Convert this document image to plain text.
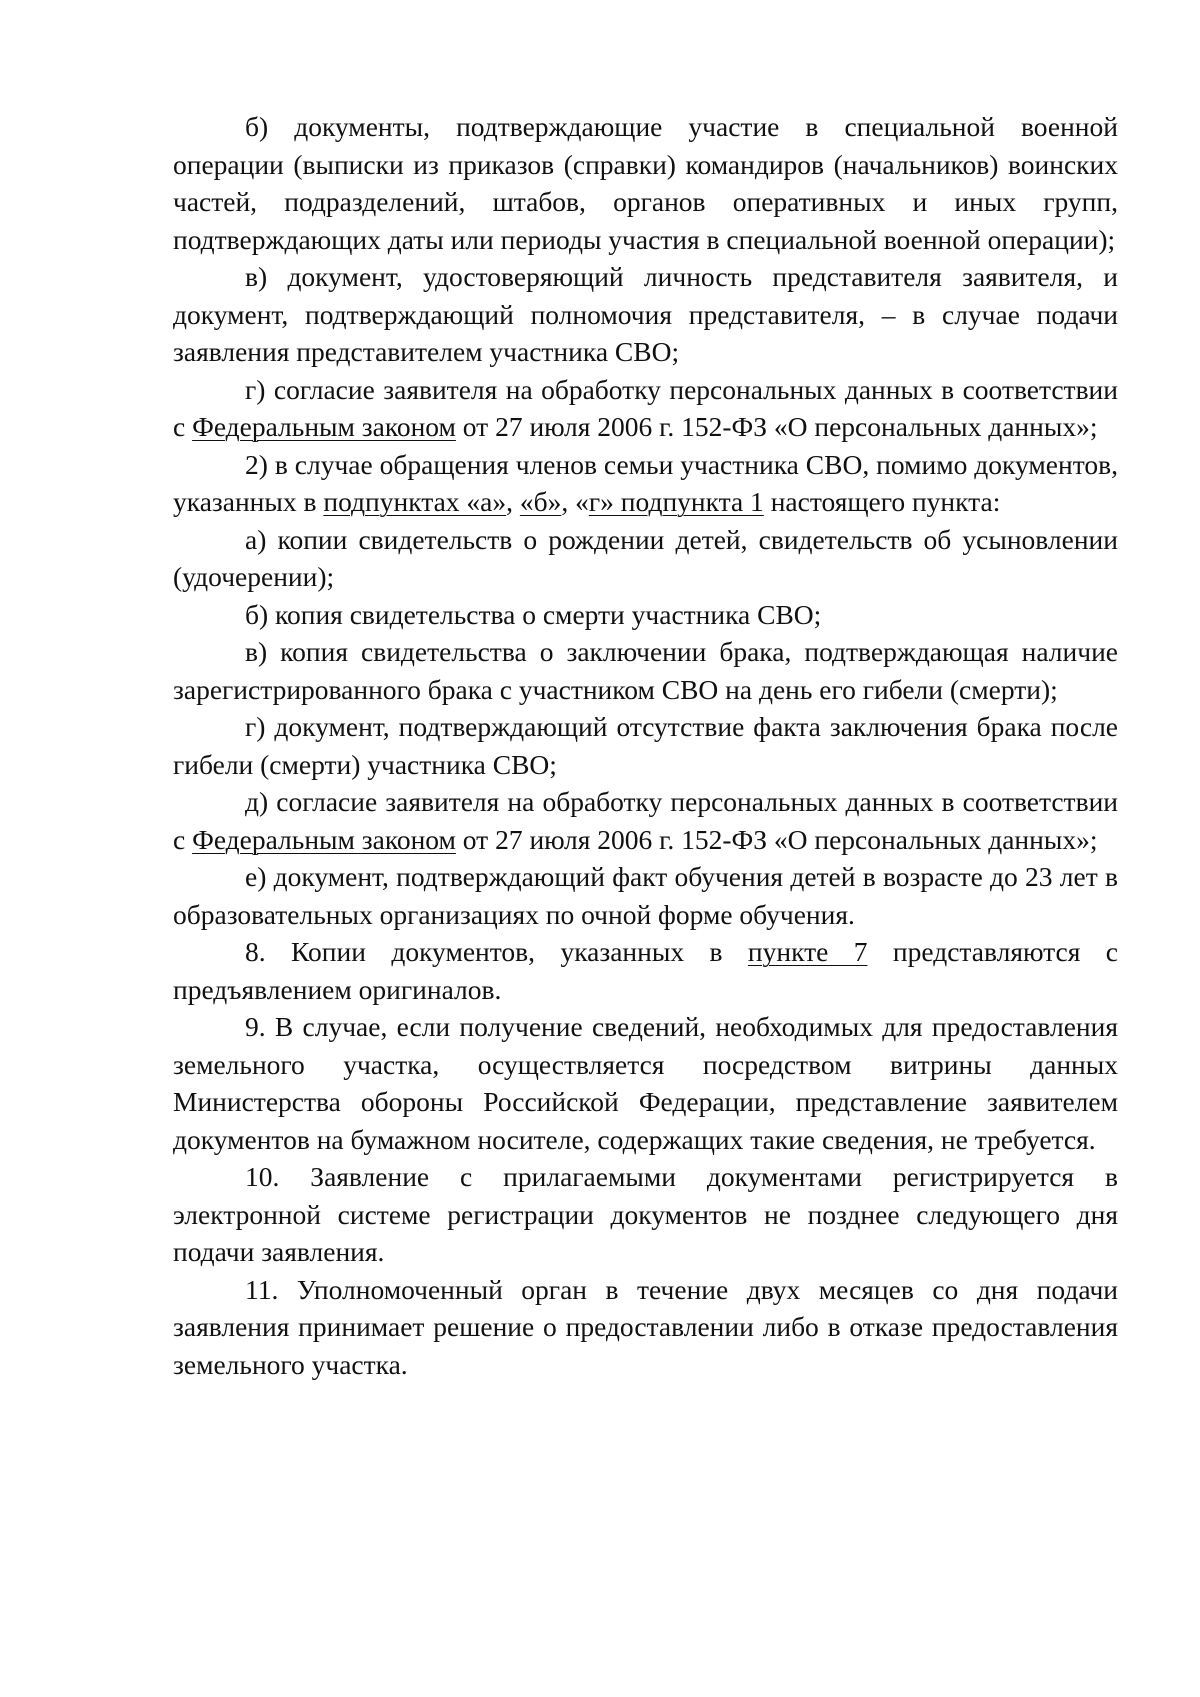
б) документы, подтверждающие участие в специальной военной операции (выписки из приказов (справки) командиров (начальников) воинских частей, подразделений, штабов, органов оперативных и иных групп, подтверждающих даты или периоды участия в специальной военной операции);

в) документ, удостоверяющий личность представителя заявителя, и документ, подтверждающий полномочия представителя, – в случае подачи заявления представителем участника СВО;

г) согласие заявителя на обработку персональных данных в соответствии с Федеральным законом от 27 июля 2006 г. 152-ФЗ «О персональных данных»;

2) в случае обращения членов семьи участника СВО, помимо документов, указанных в подпунктах «а», «б», «г» подпункта 1 настоящего пункта:

а) копии свидетельств о рождении детей, свидетельств об усыновлении (удочерении);

б) копия свидетельства о смерти участника СВО;

в) копия свидетельства о заключении брака, подтверждающая наличие зарегистрированного брака с участником СВО на день его гибели (смерти);

г) документ, подтверждающий отсутствие факта заключения брака после гибели (смерти) участника СВО;

д) согласие заявителя на обработку персональных данных в соответствии с Федеральным законом от 27 июля 2006 г. 152-ФЗ «О персональных данных»;

е) документ, подтверждающий факт обучения детей в возрасте до 23 лет в образовательных организациях по очной форме обучения.

8. Копии документов, указанных в пункте 7 представляются с предъявлением оригиналов.

9. В случае, если получение сведений, необходимых для предоставления земельного участка, осуществляется посредством витрины данных Министерства обороны Российской Федерации, представление заявителем документов на бумажном носителе, содержащих такие сведения, не требуется.

10. Заявление с прилагаемыми документами регистрируется в электронной системе регистрации документов не позднее следующего дня подачи заявления.

11. Уполномоченный орган в течение двух месяцев со дня подачи заявления принимает решение о предоставлении либо в отказе предоставления земельного участка.
